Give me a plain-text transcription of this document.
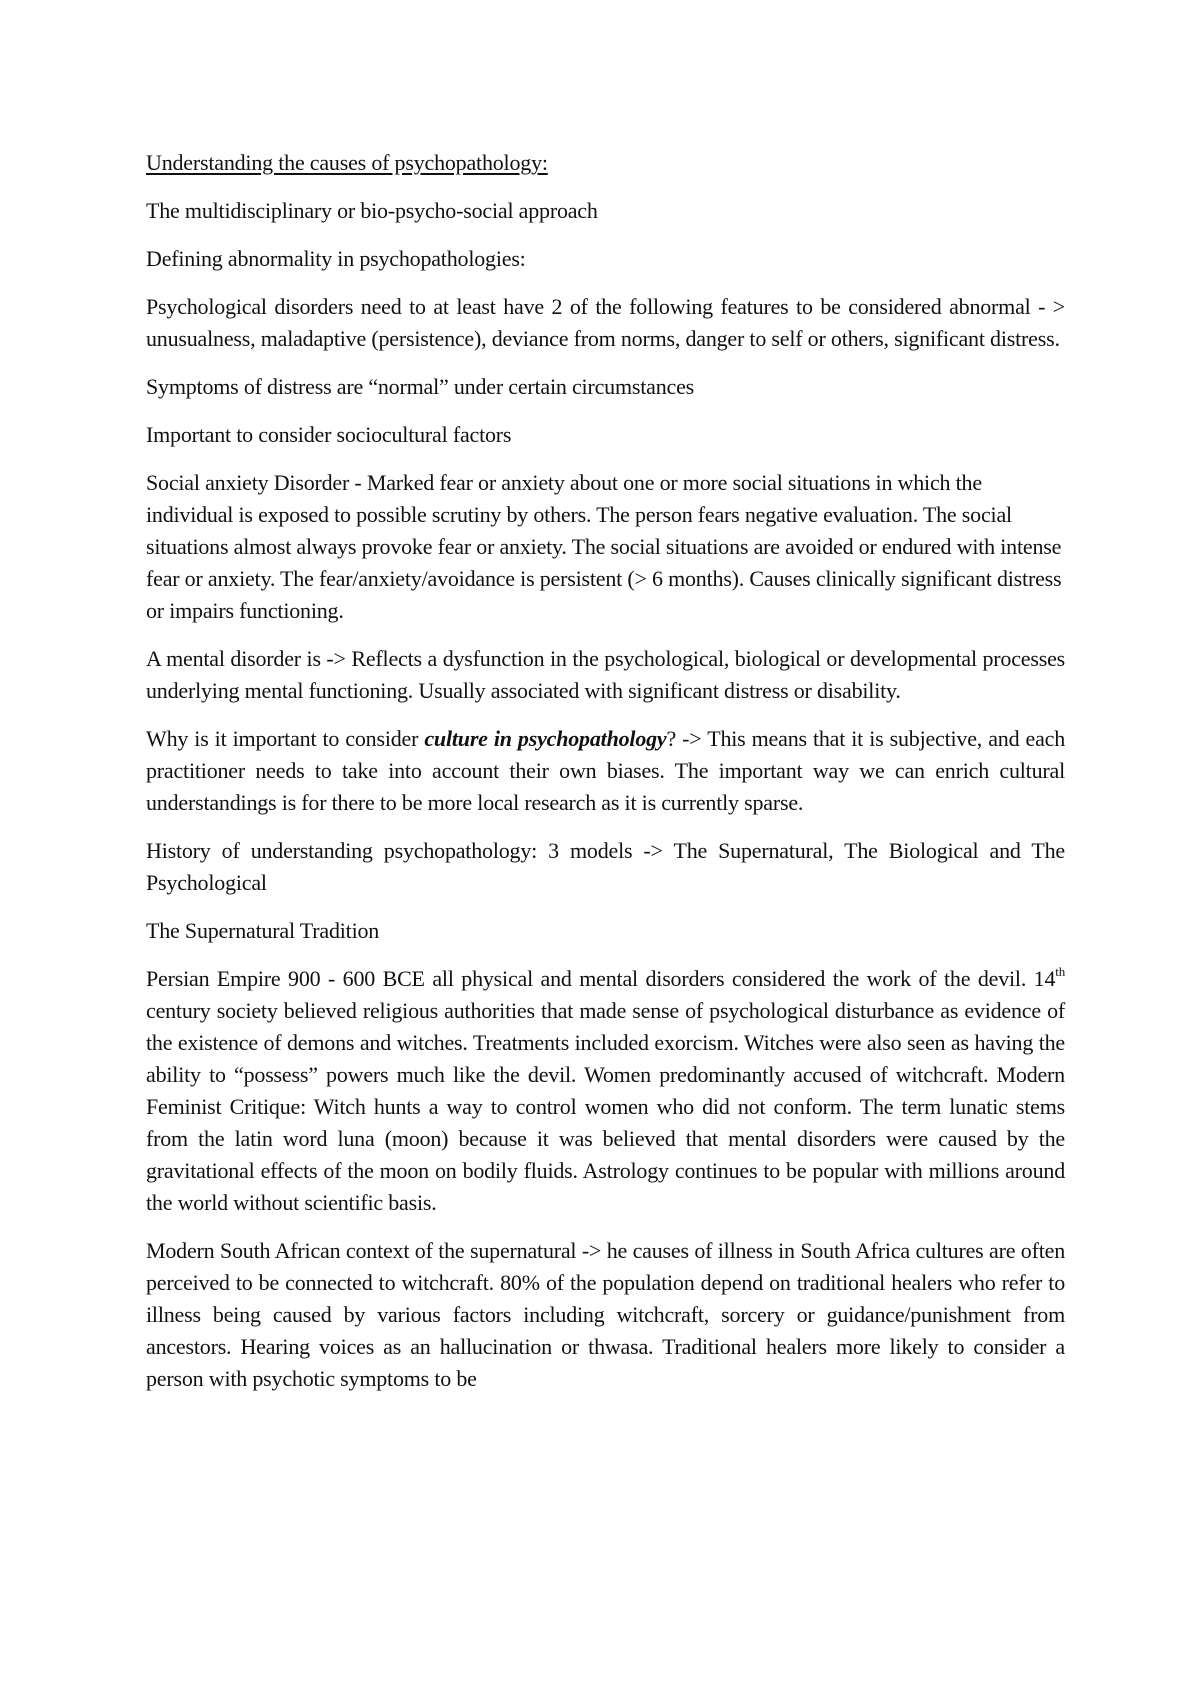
Understanding the causes of psychopathology:

The multidisciplinary or bio-psycho-social approach

Defining abnormality in psychopathologies:

Psychological disorders need to at least have 2 of the following features to be considered abnormal - > unusualness, maladaptive (persistence), deviance from norms, danger to self or others, significant distress.

Symptoms of distress are “normal” under certain circumstances

Important to consider sociocultural factors

Social anxiety Disorder - Marked fear or anxiety about one or more social situations in which the individual is exposed to possible scrutiny by others. The person fears negative evaluation. The social situations almost always provoke fear or anxiety. The social situations are avoided or endured with intense fear or anxiety. The fear/anxiety/avoidance is persistent (> 6 months). Causes clinically significant distress or impairs functioning.

A mental disorder is -> Reflects a dysfunction in the psychological, biological or developmental processes underlying mental functioning. Usually associated with significant distress or disability.

Why is it important to consider culture in psychopathology? -> This means that it is subjective, and each practitioner needs to take into account their own biases. The important way we can enrich cultural understandings is for there to be more local research as it is currently sparse.

History of understanding psychopathology: 3 models -> The Supernatural, The Biological and The Psychological

The Supernatural Tradition

Persian Empire 900 - 600 BCE all physical and mental disorders considered the work of the devil. 14th century society believed religious authorities that made sense of psychological disturbance as evidence of the existence of demons and witches. Treatments included exorcism. Witches were also seen as having the ability to “possess” powers much like the devil. Women predominantly accused of witchcraft. Modern Feminist Critique: Witch hunts a way to control women who did not conform. The term lunatic stems from the latin word luna (moon) because it was believed that mental disorders were caused by the gravitational effects of the moon on bodily fluids. Astrology continues to be popular with millions around the world without scientific basis.

Modern South African context of the supernatural -> he causes of illness in South Africa cultures are often perceived to be connected to witchcraft. 80% of the population depend on traditional healers who refer to illness being caused by various factors including witchcraft, sorcery or guidance/punishment from ancestors. Hearing voices as an hallucination or thwasa. Traditional healers more likely to consider a person with psychotic symptoms to be
